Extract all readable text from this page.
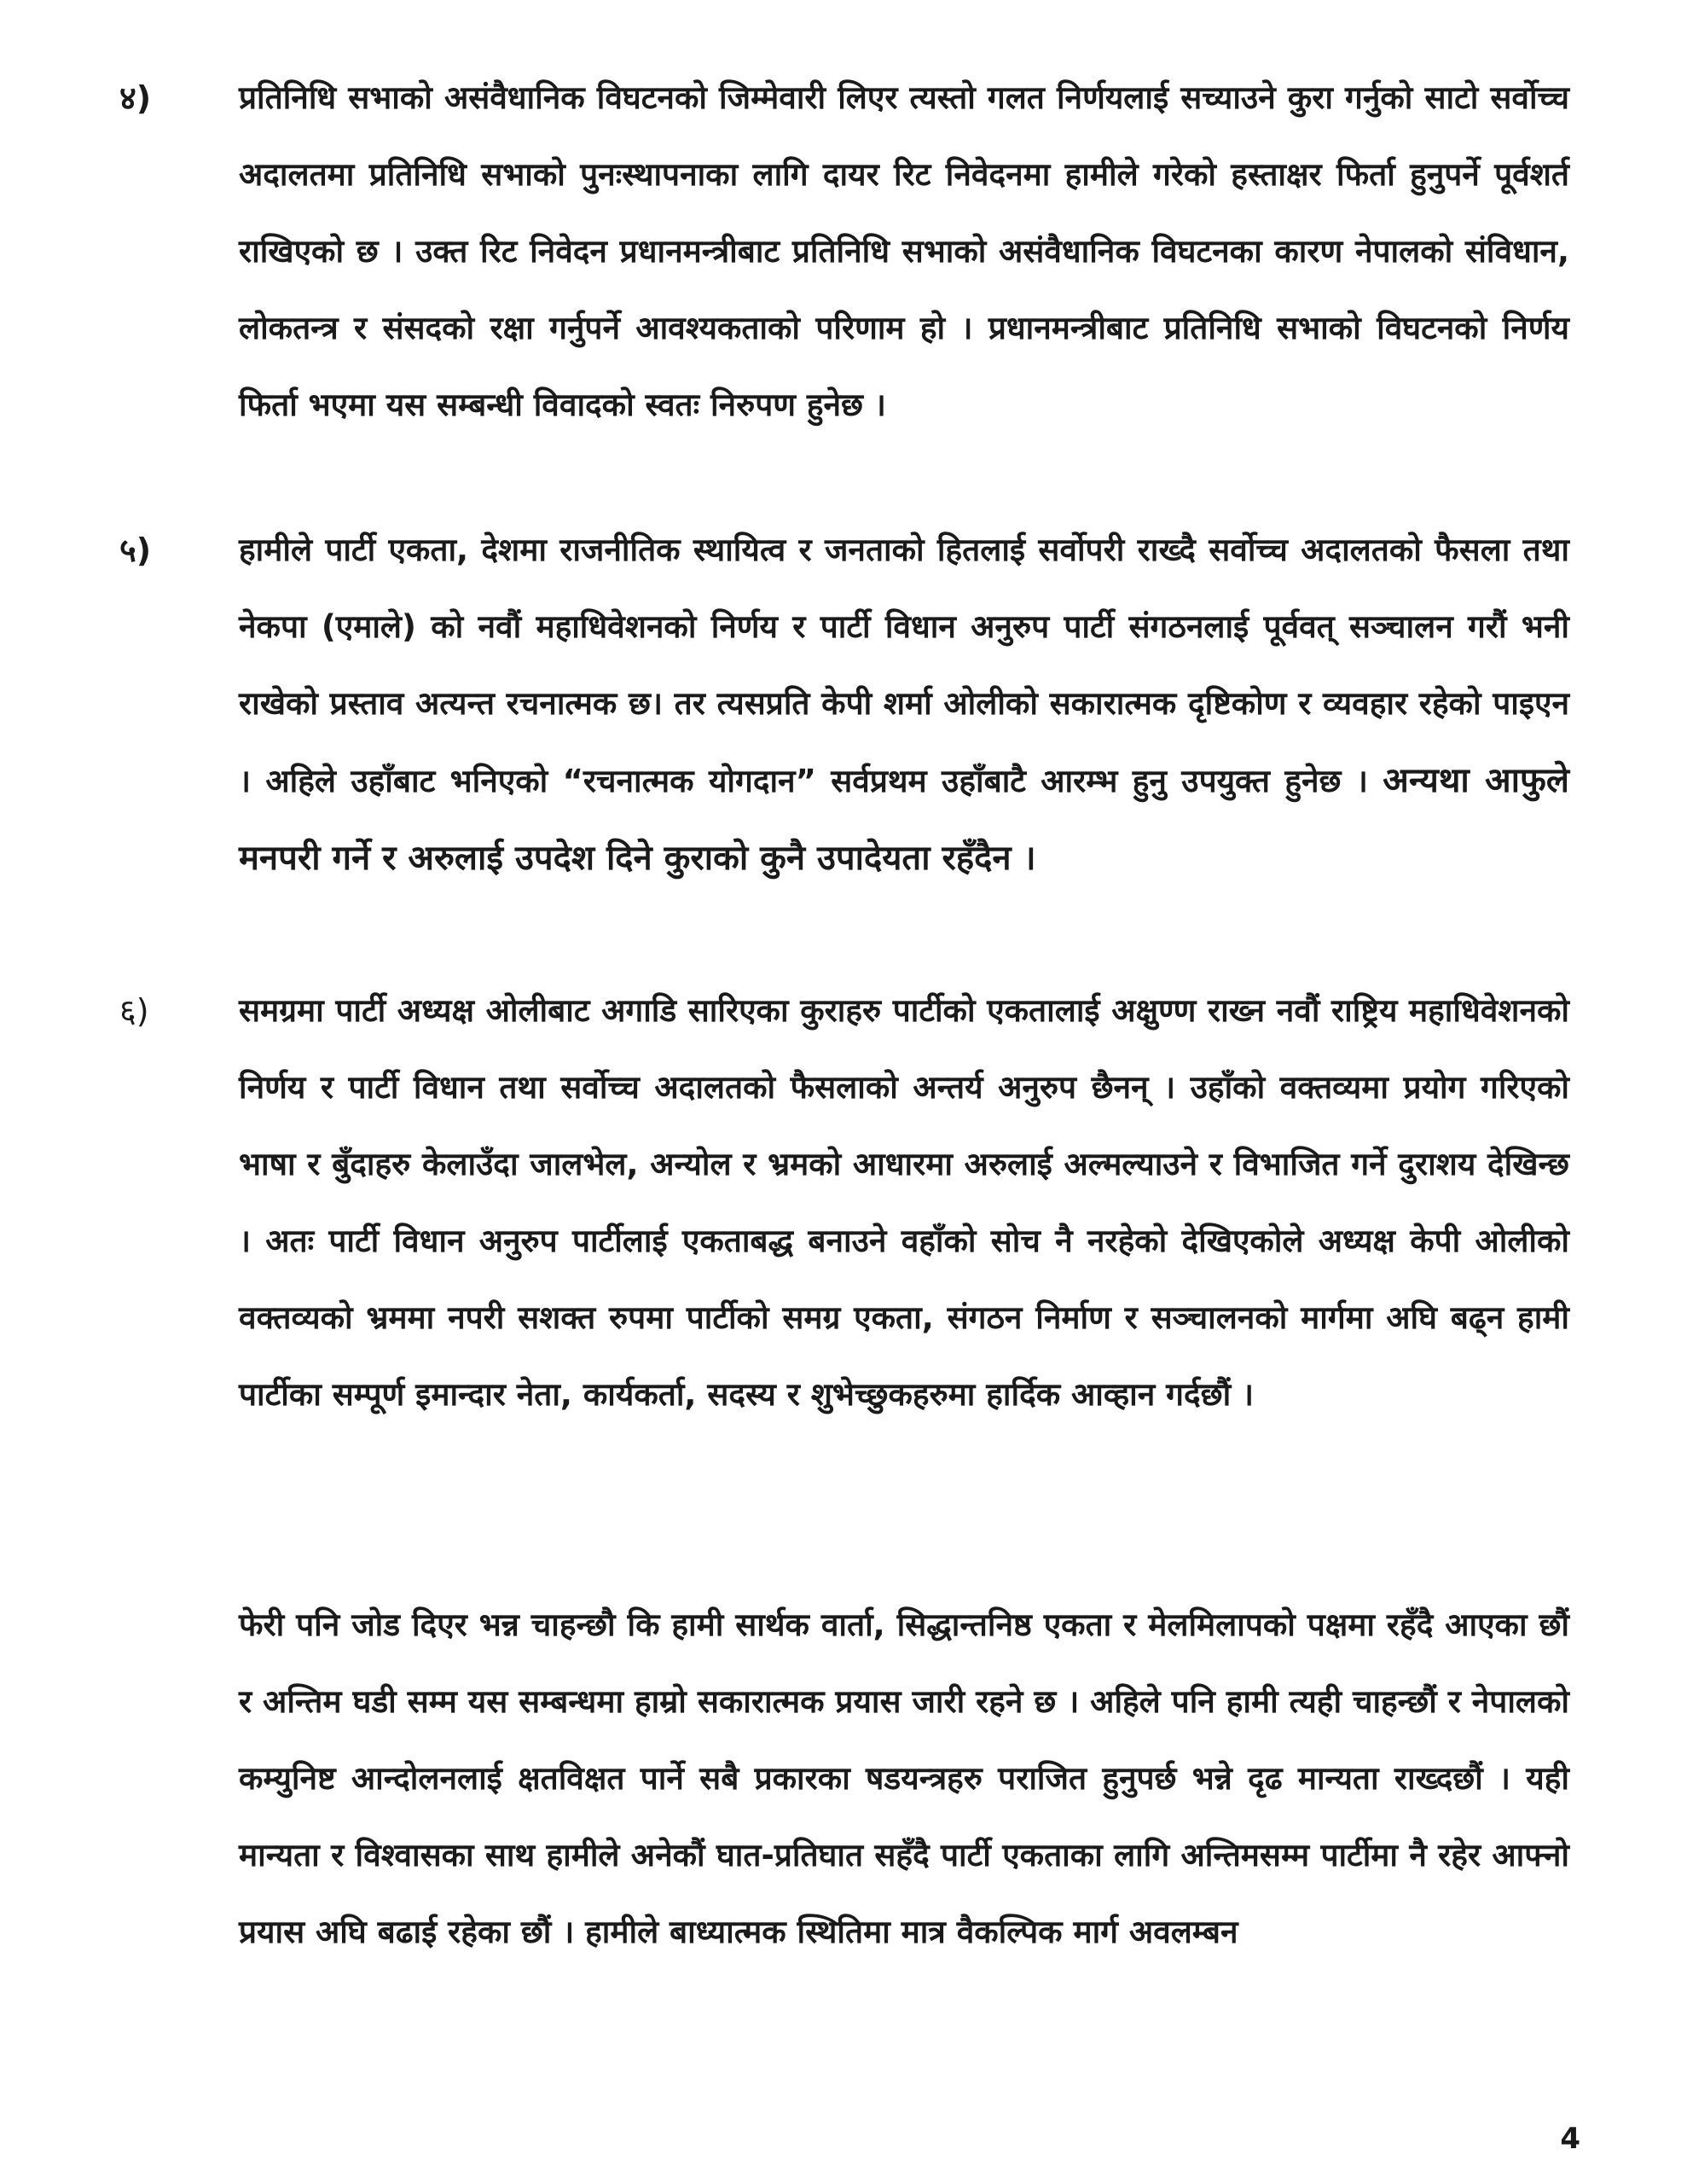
४)	प्रतिनिधि सभाको असंवैधानिक विघटनको जिम्मेवारी लिएर त्यस्तो गलत निर्णयलाई सच्याउने कुरा गर्नुको साटो सर्वोच्च अदालतमा प्रतिनिधि सभाको पुनःस्थापनाका लागि दायर रिट निवेदनमा हामीले गरेको हस्ताक्षर फिर्ता हुनुपर्ने पूर्वशर्त राखिएको छ । उक्त रिट निवेदन प्रधानमन्त्रीबाट प्रतिनिधि सभाको असंवैधानिक विघटनका कारण नेपालको संविधान, लोकतन्त्र र संसदको रक्षा गर्नुपर्ने आवश्यकताको परिणाम हो । प्रधानमन्त्रीबाट प्रतिनिधि सभाको विघटनको निर्णय फिर्ता भएमा यस सम्बन्धी विवादको स्वतः निरुपण हुनेछ ।
५)	हामीले पार्टी एकता, देशमा राजनीतिक स्थायित्व र जनताको हितलाई सर्वोपरी राख्दै सर्वोच्च अदालतको फैसला तथा नेकपा (एमाले) को नवौं महाधिवेशनको निर्णय र पार्टी विधान अनुरुप पार्टी संगठनलाई पूर्ववत् सञ्चालन गरौं भनी राखेको प्रस्ताव अत्यन्त रचनात्मक छ। तर त्यसप्रति केपी शर्मा ओलीको सकारात्मक दृष्टिकोण र व्यवहार रहेको पाइएन । अहिले उहाँबाट भनिएको “रचनात्मक योगदान” सर्वप्रथम उहाँबाटै आरम्भ हुनु उपयुक्त हुनेछ । अन्यथा आफुले मनपरी गर्ने र अरुलाई उपदेश दिने कुराको कुनै उपादेयता रहँदैन ।
६)	समग्रमा पार्टी अध्यक्ष ओलीबाट अगाडि सारिएका कुराहरु पार्टीको एकतालाई अक्षुण्ण राख्न नवौं राष्ट्रिय महाधिवेशनको निर्णय र पार्टी विधान तथा सर्वोच्च अदालतको फैसलाको अन्तर्य अनुरुप छैनन् । उहाँको वक्तव्यमा प्रयोग गरिएको भाषा र बुँदाहरु केलाउँदा जालभेल, अन्योल र भ्रमको आधारमा अरुलाई अल्मल्याउने र विभाजित गर्ने दुराशय देखिन्छ । अतः पार्टी विधान अनुरुप पार्टीलाई एकताबद्ध बनाउने वहाँको सोच नै नरहेको देखिएकोले अध्यक्ष केपी ओलीको वक्तव्यको भ्रममा नपरी सशक्त रुपमा पार्टीको समग्र एकता, संगठन निर्माण र सञ्चालनको मार्गमा अघि बढ्न हामी पार्टीका सम्पूर्ण इमान्दार नेता, कार्यकर्ता, सदस्य र शुभेच्छुकहरुमा हार्दिक आव्हान गर्दछौं ।
फेरी पनि जोड दिएर भन्न चाहन्छौ कि हामी सार्थक वार्ता, सिद्धान्तनिष्ठ एकता र मेलमिलापको पक्षमा रहँदै आएका छौं र अन्तिम घडी सम्म यस सम्बन्धमा हाम्रो सकारात्मक प्रयास जारी रहने छ । अहिले पनि हामी त्यही चाहन्छौं र नेपालको कम्युनिष्ट आन्दोलनलाई क्षतविक्षत पार्ने सबै प्रकारका षडयन्त्रहरु पराजित हुनुपर्छ भन्ने दृढ मान्यता राख्दछौं । यही मान्यता र विश्वासका साथ हामीले अनेकौं घात-प्रतिघात सहँदै पार्टी एकताका लागि अन्तिमसम्म पार्टीमा नै रहेर आफ्नो प्रयास अघि बढाई रहेका छौं । हामीले बाध्यात्मक स्थितिमा मात्र वैकल्पिक मार्ग अवलम्बन
4
